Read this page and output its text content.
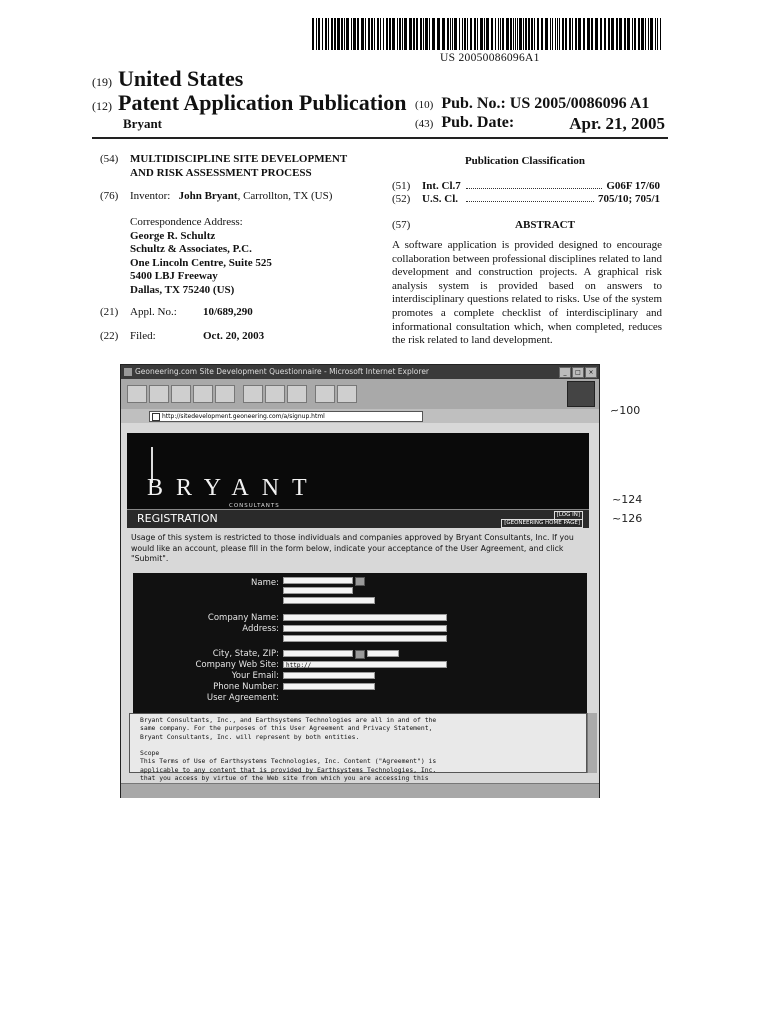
US 20050086096A1
(19) United States
(12) Patent Application Publication
Bryant
(10) Pub. No.: US 2005/0086096 A1
(43) Pub. Date:	Apr. 21, 2005
(54) MULTIDISCIPLINE SITE DEVELOPMENT AND RISK ASSESSMENT PROCESS
(76) Inventor: John Bryant, Carrollton, TX (US)
Correspondence Address:
George R. Schultz
Schultz & Associates, P.C.
One Lincoln Centre, Suite 525
5400 LBJ Freeway
Dallas, TX 75240 (US)
(21) Appl. No.: 10/689,290
(22) Filed:	Oct. 20, 2003
Publication Classification
(51)	Int. Cl.7	G06F 17/60
(52)	U.S. Cl.	705/10; 705/1
(57)	ABSTRACT
A software application is provided designed to encourage collaboration between professional disciplines related to land development and construction projects. A graphical risk analysis system is provided based on answers to interdisciplinary questions related to risks. Use of the system promotes a complete checklist of interdisciplinary and informational consultation which, when completed, reduces the risk related to land development.
Geoneering.com Site Development Questionnaire - Microsoft Internet Explorer	_	□	×
http://sitedevelopment.geoneering.com/a/signup.html
BRYANT
CONSULTANTS
REGISTRATION	[LOG IN]
[GEONEERING HOME PAGE]
Usage of this system is restricted to those individuals and companies approved by Bryant Consultants, Inc. If you would like an account, please fill in the form below, indicate your acceptance of the User Agreement, and click "Submit".
Name:
Company Name:
Address:
City, State, ZIP:
Company Web Site:	http://
Your Email:
Phone Number:
User Agreement:

Bryant Consultants, Inc., and Earthsystems Technologies are all in and of the

same company. For the purposes of this User Agreement and Privacy Statement,

Bryant Consultants, Inc. will represent by both entities.

Scope

This Terms of Use of Earthsystems Technologies, Inc. Content ("Agreement") is

applicable to any content that is provided by Earthsystems Technologies, Inc.

that you access by virtue of the Web site from which you are accessing this

~100
~124
~126
